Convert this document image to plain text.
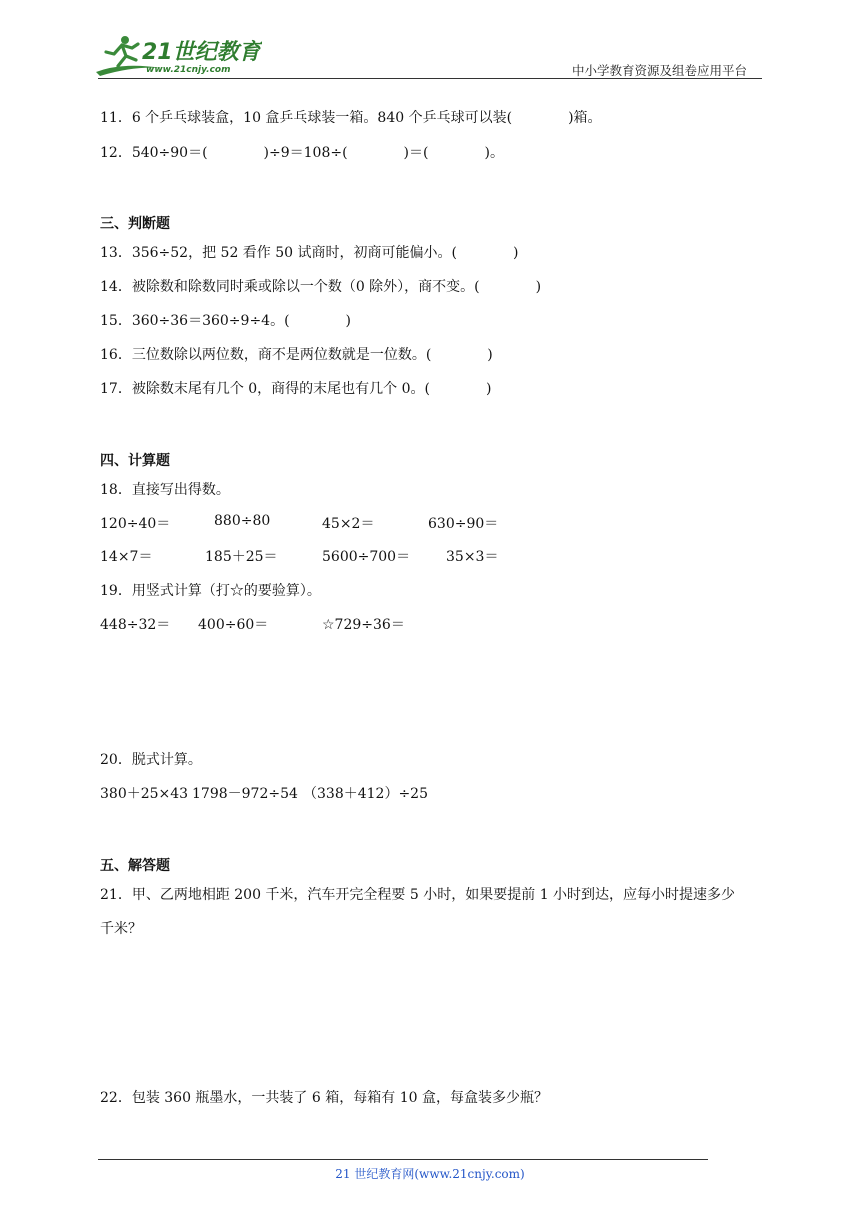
21世纪教育
www.21cnjy.com	中小学教育资源及组卷应用平台
11．6 个乒乓球装盒，10 盒乒乓球装一箱。840 个乒乓球可以装(　　　　)箱。
12．540÷90＝(　　　　)÷9＝108÷(　　　　)＝(　　　　)。
三、判断题
13．356÷52，把 52 看作 50 试商时，初商可能偏小。(　　　　)
14．被除数和除数同时乘或除以一个数（0 除外），商不变。(　　　　)
15．360÷36＝360÷9÷4。(　　　　)
16．三位数除以两位数，商不是两位数就是一位数。(　　　　)
17．被除数末尾有几个 0，商得的末尾也有几个 0。(　　　　)
四、计算题
18．直接写出得数。
120÷40＝	880÷80	45×2＝	630÷90＝
14×7＝	185＋25＝	5600÷700＝	35×3＝
19．用竖式计算（打☆的要验算）。
448÷32＝ 400÷60＝	☆729÷36＝
20．脱式计算。
380＋25×43 1798－972÷54 （338＋412）÷25
五、解答题
21．甲、乙两地相距 200 千米，汽车开完全程要 5 小时，如果要提前 1 小时到达，应每小时提速多少
千米？
22．包装 360 瓶墨水，一共装了 6 箱，每箱有 10 盒，每盒装多少瓶？
21 世纪教育网(www.21cnjy.com)
